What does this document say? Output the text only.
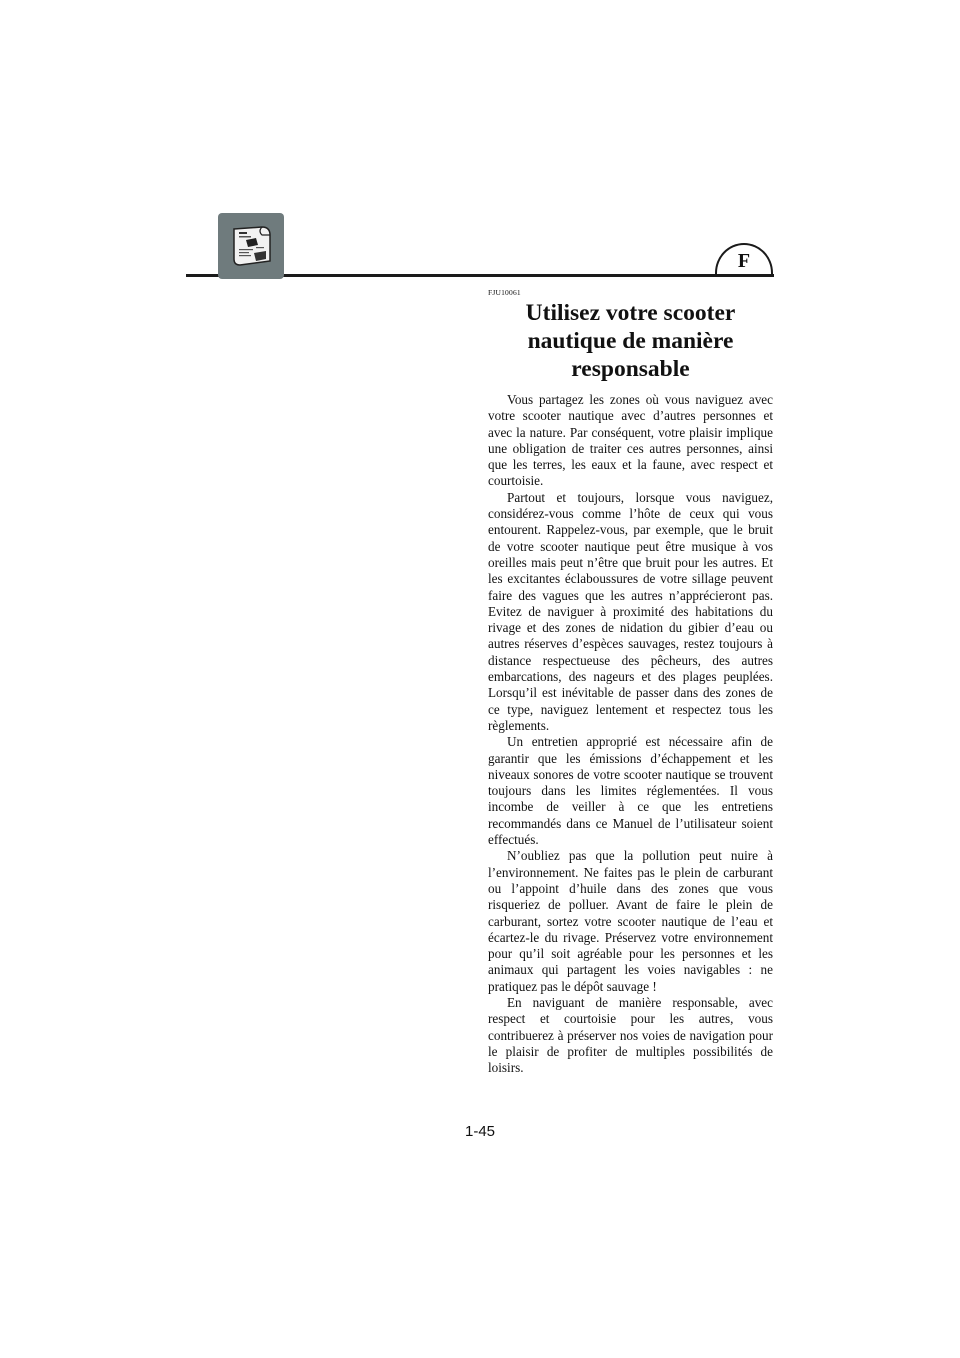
F
FJU10061
Utilisez votre scooter nautique de manière responsable

Vous partagez les zones où vous naviguez avec votre scooter nautique avec d’autres personnes et avec la nature. Par conséquent, votre plaisir implique une obligation de traiter ces autres personnes, ainsi que les terres, les eaux et la faune, avec respect et courtoisie.

Partout et toujours, lorsque vous naviguez, considérez-vous comme l’hôte de ceux qui vous entourent. Rappelez-vous, par exemple, que le bruit de votre scooter nautique peut être musique à vos oreilles mais peut n’être que bruit pour les autres. Et les excitantes éclaboussures de votre sillage peuvent faire des vagues que les autres n’apprécieront pas. Evitez de naviguer à proximité des habitations du rivage et des zones de nidation du gibier d’eau ou autres réserves d’espèces sauvages, restez toujours à distance respectueuse des pêcheurs, des autres embarcations, des nageurs et des plages peuplées. Lorsqu’il est inévitable de passer dans des zones de ce type, naviguez lentement et respectez tous les règlements.

Un entretien approprié est nécessaire afin de garantir que les émissions d’échappement et les niveaux sonores de votre scooter nautique se trouvent toujours dans les limites réglementées. Il vous incombe de veiller à ce que les entretiens recommandés dans ce Manuel de l’utilisateur soient effectués.

N’oubliez pas que la pollution peut nuire à l’environnement. Ne faites pas le plein de carburant ou l’appoint d’huile dans des zones que vous risqueriez de polluer. Avant de faire le plein de carburant, sortez votre scooter nautique de l’eau et écartez-le du rivage. Préservez votre environnement pour qu’il soit agréable pour les personnes et les animaux qui partagent les voies navigables : ne pratiquez pas le dépôt sauvage !

En naviguant de manière responsable, avec respect et courtoisie pour les autres, vous contribuerez à préserver nos voies de navigation pour le plaisir de profiter de multiples possibilités de loisirs.

1-45
